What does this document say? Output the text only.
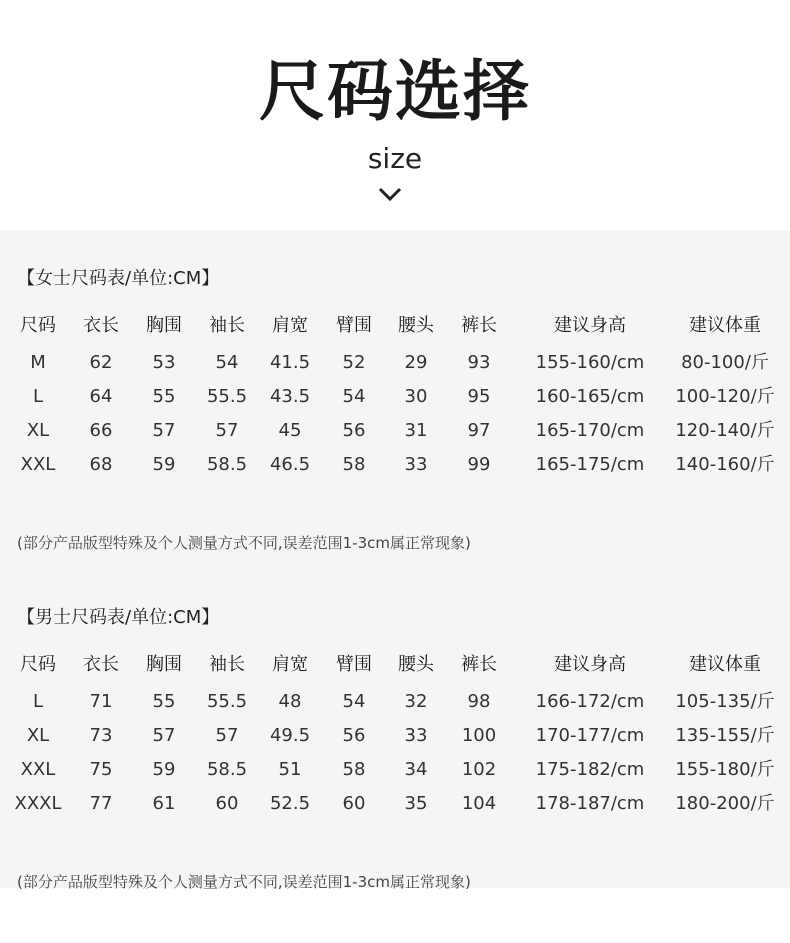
尺码选择
size
【女士尺码表/单位:CM】
尺码	衣长	胸围	袖长	肩宽	臂围	腰头	裤长	建议身高	建议体重
M	62	53	54	41.5	52	29	93	155-160/cm	80-100/斤
L	64	55	55.5	43.5	54	30	95	160-165/cm	100-120/斤
XL	66	57	57	45	56	31	97	165-170/cm	120-140/斤
XXL	68	59	58.5	46.5	58	33	99	165-175/cm	140-160/斤
(部分产品版型特殊及个人测量方式不同,误差范围1-3cm属正常现象)
【男士尺码表/单位:CM】
尺码	衣长	胸围	袖长	肩宽	臂围	腰头	裤长	建议身高	建议体重
L	71	55	55.5	48	54	32	98	166-172/cm	105-135/斤
XL	73	57	57	49.5	56	33	100	170-177/cm	135-155/斤
XXL	75	59	58.5	51	58	34	102	175-182/cm	155-180/斤
XXXL	77	61	60	52.5	60	35	104	178-187/cm	180-200/斤
(部分产品版型特殊及个人测量方式不同,误差范围1-3cm属正常现象)
